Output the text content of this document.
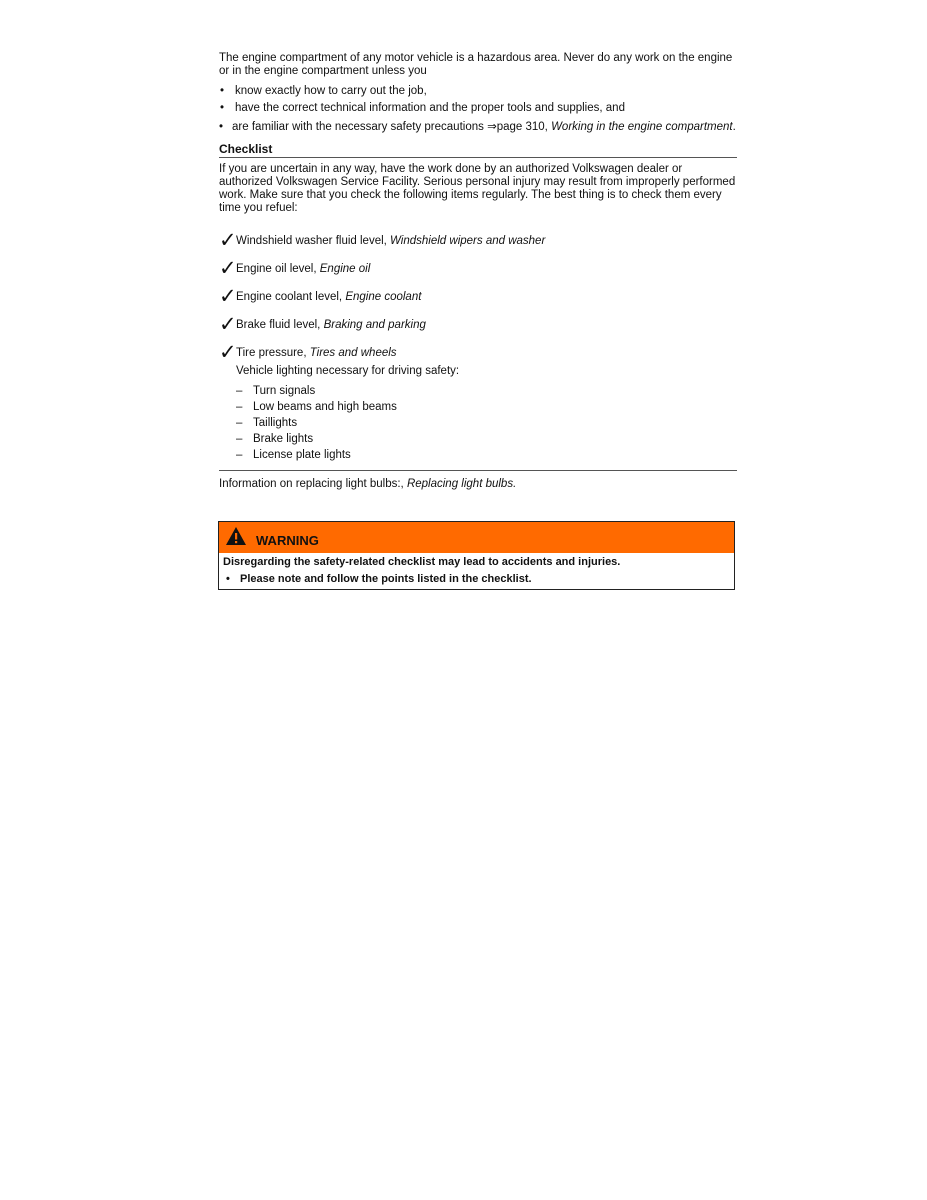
The engine compartment of any motor vehicle is a hazardous area. Never do any work on the engine or in the engine compartment unless you

• know exactly how to carry out the job,
• have the correct technical information and the proper tools and supplies, and
• are familiar with the necessary safety precautions ⇒page 310, Working in the engine compartment.
Checklist

If you are uncertain in any way, have the work done by an authorized Volkswagen dealer or authorized Volkswagen Service Facility. Serious personal injury may result from improperly performed work. Make sure that you check the following items regularly. The best thing is to check them every time you refuel:

✓ Windshield washer fluid level, Windshield wipers and washer
✓ Engine oil level, Engine oil
✓ Engine coolant level, Engine coolant
✓ Brake fluid level, Braking and parking
✓ Tire pressure, Tires and wheels

Vehicle lighting necessary for driving safety:

– Turn signals
– Low beams and high beams
– Taillights
– Brake lights
– License plate lights

Information on replacing light bulbs:, Replacing light bulbs.

WARNING
Disregarding the safety-related checklist may lead to accidents and injuries.
• Please note and follow the points listed in the checklist.
